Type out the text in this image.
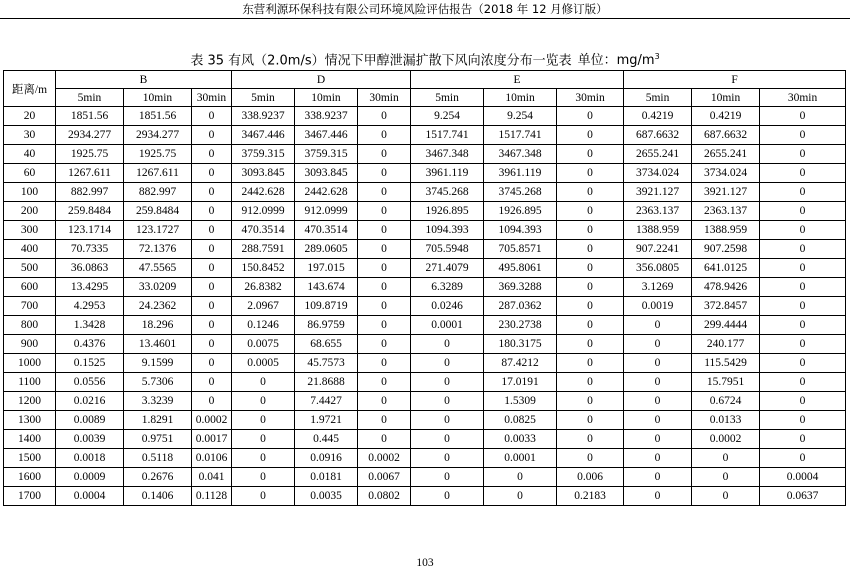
东营利源环保科技有限公司环境风险评估报告（2018 年 12 月修订版）
表 35 有风（2.0m/s）情况下甲醇泄漏扩散下风向浓度分布一览表 单位：$mg/m^3$
距离/m	B			D			E			F		
	5min	10min	30min	5min	10min	30min	5min	10min	30min	5min	10min	30min
20	1851.56	1851.56	0	338.9237	338.9237	0	9.254	9.254	0	0.4219	0.4219	0
30	2934.277	2934.277	0	3467.446	3467.446	0	1517.741	1517.741	0	687.6632	687.6632	0
40	1925.75	1925.75	0	3759.315	3759.315	0	3467.348	3467.348	0	2655.241	2655.241	0
60	1267.611	1267.611	0	3093.845	3093.845	0	3961.119	3961.119	0	3734.024	3734.024	0
100	882.997	882.997	0	2442.628	2442.628	0	3745.268	3745.268	0	3921.127	3921.127	0
200	259.8484	259.8484	0	912.0999	912.0999	0	1926.895	1926.895	0	2363.137	2363.137	0
300	123.1714	123.1727	0	470.3514	470.3514	0	1094.393	1094.393	0	1388.959	1388.959	0
400	70.7335	72.1376	0	288.7591	289.0605	0	705.5948	705.8571	0	907.2241	907.2598	0
500	36.0863	47.5565	0	150.8452	197.015	0	271.4079	495.8061	0	356.0805	641.0125	0
600	13.4295	33.0209	0	26.8382	143.674	0	6.3289	369.3288	0	3.1269	478.9426	0
700	4.2953	24.2362	0	2.0967	109.8719	0	0.0246	287.0362	0	0.0019	372.8457	0
800	1.3428	18.296	0	0.1246	86.9759	0	0.0001	230.2738	0	0	299.4444	0
900	0.4376	13.4601	0	0.0075	68.655	0	0	180.3175	0	0	240.177	0
1000	0.1525	9.1599	0	0.0005	45.7573	0	0	87.4212	0	0	115.5429	0
1100	0.0556	5.7306	0	0	21.8688	0	0	17.0191	0	0	15.7951	0
1200	0.0216	3.3239	0	0	7.4427	0	0	1.5309	0	0	0.6724	0
1300	0.0089	1.8291	0.0002	0	1.9721	0	0	0.0825	0	0	0.0133	0
1400	0.0039	0.9751	0.0017	0	0.445	0	0	0.0033	0	0	0.0002	0
1500	0.0018	0.5118	0.0106	0	0.0916	0.0002	0	0.0001	0	0	0	0
1600	0.0009	0.2676	0.041	0	0.0181	0.0067	0	0	0.006	0	0	0.0004
1700	0.0004	0.1406	0.1128	0	0.0035	0.0802	0	0	0.2183	0	0	0.0637
103
